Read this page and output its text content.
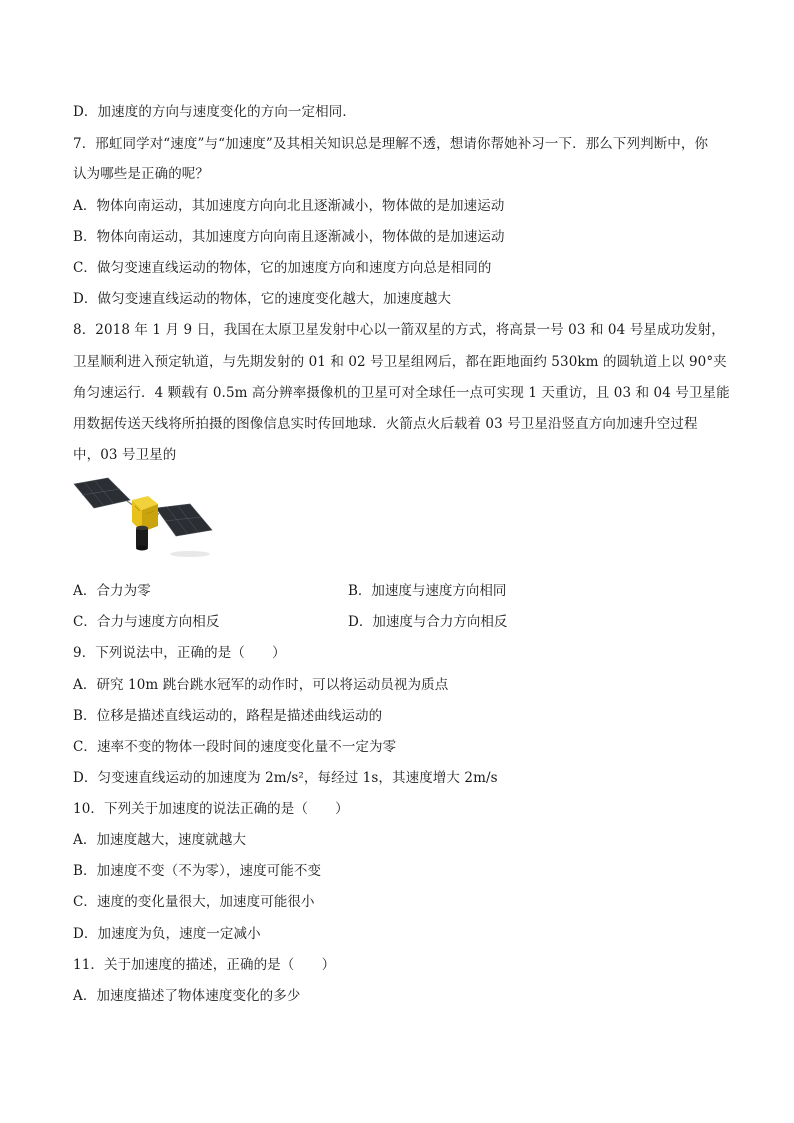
D．加速度的方向与速度变化的方向一定相同．
7．邢虹同学对“速度”与“加速度”及其相关知识总是理解不透，想请你帮她补习一下．那么下列判断中，你
认为哪些是正确的呢？
A．物体向南运动，其加速度方向向北且逐渐减小，物体做的是加速运动
B．物体向南运动，其加速度方向向南且逐渐减小，物体做的是加速运动
C．做匀变速直线运动的物体，它的加速度方向和速度方向总是相同的
D．做匀变速直线运动的物体，它的速度变化越大，加速度越大
8．2018 年 1 月 9 日，我国在太原卫星发射中心以一箭双星的方式，将高景一号 03 和 04 号星成功发射，
卫星顺利进入预定轨道，与先期发射的 01 和 02 号卫星组网后，都在距地面约 530km 的圆轨道上以 90°夹
角匀速运行．4 颗载有 0.5m 高分辨率摄像机的卫星可对全球任一点可实现 1 天重访，且 03 和 04 号卫星能
用数据传送天线将所拍摄的图像信息实时传回地球．火箭点火后载着 03 号卫星沿竖直方向加速升空过程
中，03 号卫星的
A．合力为零	B．加速度与速度方向相同
C．合力与速度方向相反	D．加速度与合力方向相反
9．下列说法中，正确的是（　　）
A．研究 10m 跳台跳水冠军的动作时，可以将运动员视为质点
B．位移是描述直线运动的，路程是描述曲线运动的
C．速率不变的物体一段时间的速度变化量不一定为零
D．匀变速直线运动的加速度为 2m/s²，每经过 1s，其速度增大 2m/s
10．下列关于加速度的说法正确的是（　　）
A．加速度越大，速度就越大
B．加速度不变（不为零），速度可能不变
C．速度的变化量很大，加速度可能很小
D．加速度为负，速度一定减小
11．关于加速度的描述，正确的是（　　）
A．加速度描述了物体速度变化的多少
